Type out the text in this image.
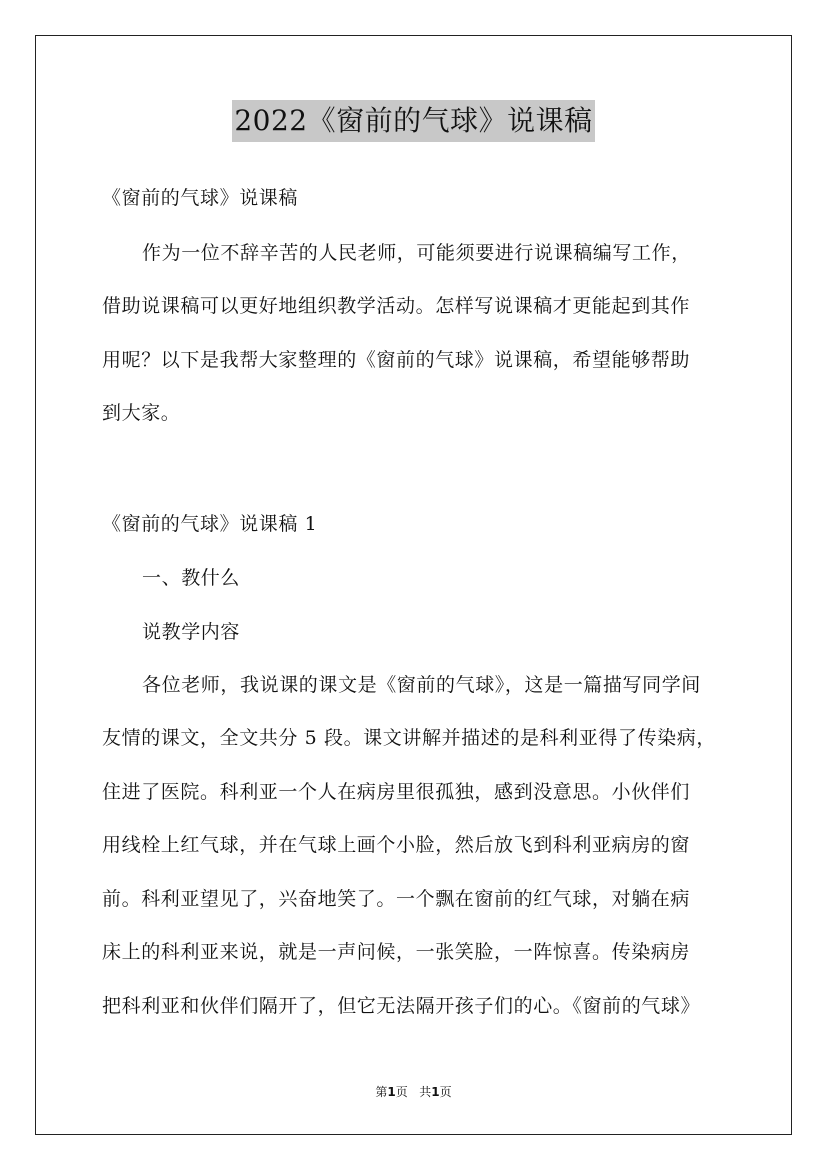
2022《窗前的气球》说课稿
《窗前的气球》说课稿
作为一位不辞辛苦的人民老师，可能须要进行说课稿编写工作，
借助说课稿可以更好地组织教学活动。怎样写说课稿才更能起到其作
用呢？以下是我帮大家整理的《窗前的气球》说课稿，希望能够帮助
到大家。
《窗前的气球》说课稿 1
一、教什么
说教学内容
各位老师，我说课的课文是《窗前的气球》，这是一篇描写同学间
友情的课文，全文共分 5 段。课文讲解并描述的是科利亚得了传染病，
住进了医院。科利亚一个人在病房里很孤独，感到没意思。小伙伴们
用线栓上红气球，并在气球上画个小脸，然后放飞到科利亚病房的窗
前。科利亚望见了，兴奋地笑了。一个飘在窗前的红气球，对躺在病
床上的科利亚来说，就是一声问候，一张笑脸，一阵惊喜。传染病房
把科利亚和伙伴们隔开了，但它无法隔开孩子们的心。《窗前的气球》
第1页 共1页
